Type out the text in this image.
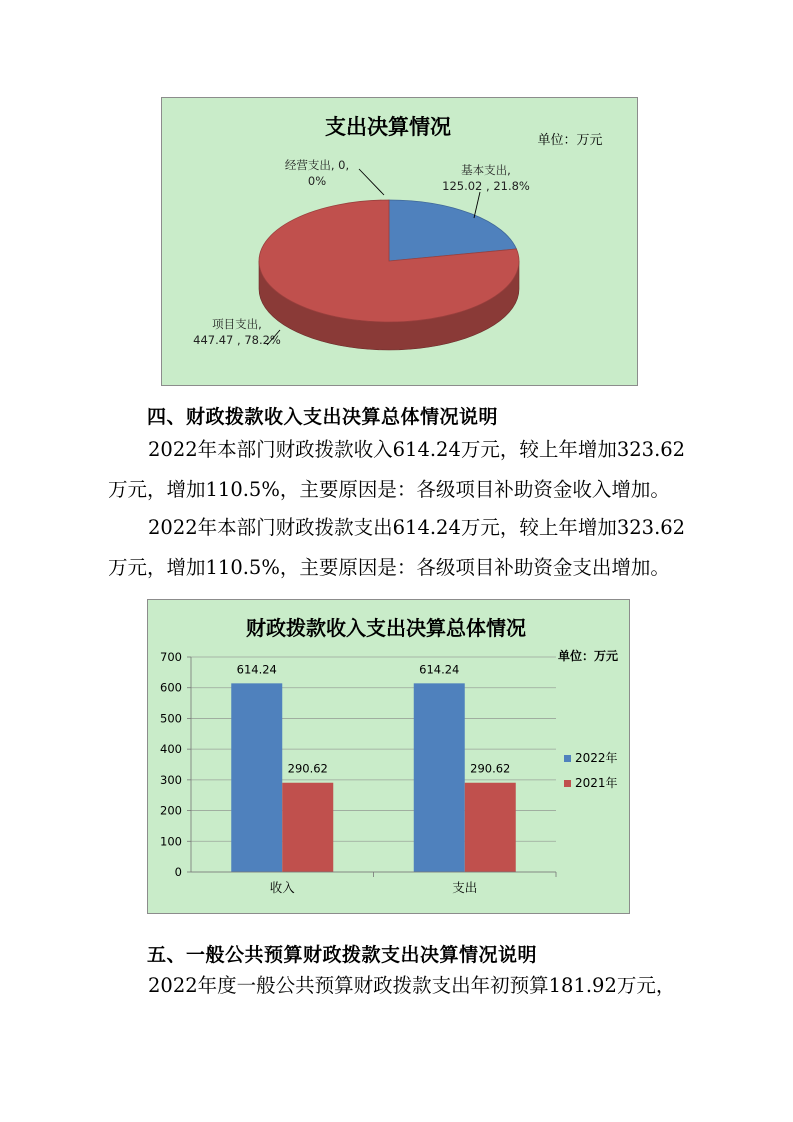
支出决算情况
单位：万元
基本支出,
125.02 , 21.8%
项目支出,
447.47 , 78.2%
经营支出, 0,
0%
四、财政拨款收入支出决算总体情况说明
2022年本部门财政拨款收入614.24万元，较上年增加323.62
万元，增加110.5%，主要原因是：各级项目补助资金收入增加。
2022年本部门财政拨款支出614.24万元，较上年增加323.62
万元，增加110.5%，主要原因是：各级项目补助资金支出增加。
财政拨款收入支出决算总体情况
单位：万元
614.24
290.62
614.24
290.62
0
100
200
300
400
500
600
700
收入	支出
2022年
2021年
五、一般公共预算财政拨款支出决算情况说明
2022年度一般公共预算财政拨款支出年初预算181.92万元，
